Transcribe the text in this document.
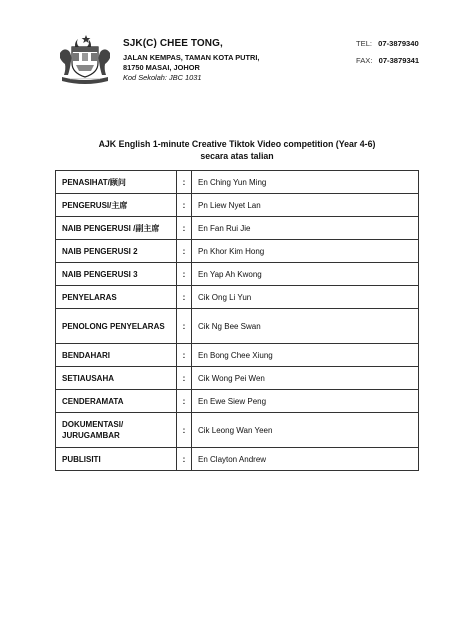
SJK(C) CHEE TONG,
JALAN KEMPAS, TAMAN KOTA PUTRI,
81750 MASAI, JOHOR
Kod Sekolah: JBC 1031
TEL: 07-3879340
FAX: 07-3879341
AJK English 1-minute Creative Tiktok Video competition (Year 4-6)
secara atas talian
PENASIHAT/顾问	:	En Ching Yun Ming
PENGERUSI/主席	:	Pn Liew Nyet Lan
NAIB PENGERUSI /副主席	:	En Fan Rui Jie
NAIB PENGERUSI 2	:	Pn Khor Kim Hong
NAIB PENGERUSI 3	:	En Yap Ah Kwong
PENYELARAS	:	Cik Ong Li Yun
PENOLONG PENYELARAS	:	Cik Ng Bee Swan
BENDAHARI	:	En Bong Chee Xiung
SETIAUSAHA	:	Cik Wong Pei Wen
CENDERAMATA	:	En Ewe Siew Peng
DOKUMENTASI/ JURUGAMBAR	:	Cik Leong Wan Yeen
PUBLISITI	:	En Clayton Andrew
